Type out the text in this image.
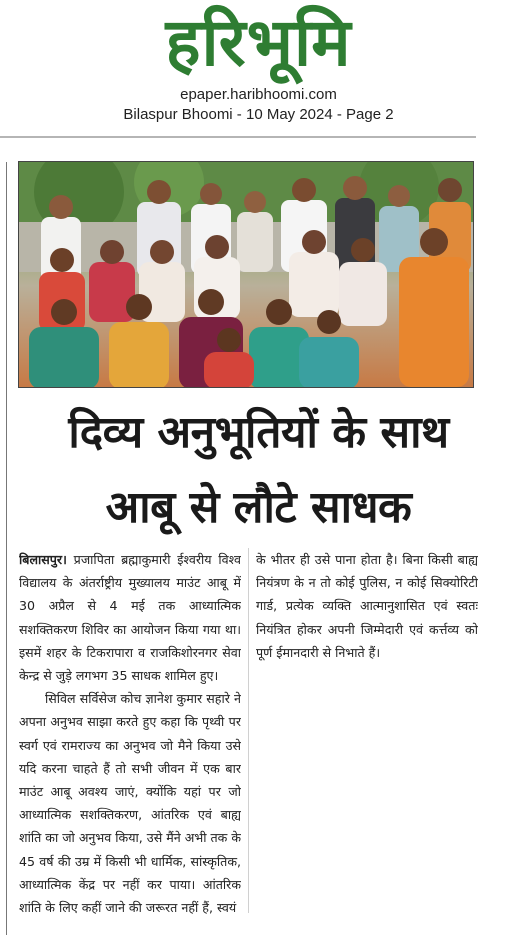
हरिभूमि
epaper.haribhoomi.com
Bilaspur Bhoomi - 10 May 2024 - Page 2
दिव्य अनुभूतियों के साथ
आबू से लौटे साधक

बिलासपुर। प्रजापिता ब्रह्माकुमारी ईश्वरीय विश्व विद्यालय के अंतर्राष्ट्रीय मुख्यालय माउंट आबू में 30 अप्रैल से 4 मई तक आध्यात्मिक सशक्तिकरण शिविर का आयोजन किया गया था। इसमें शहर के टिकरापारा व राजकिशोरनगर सेवा केन्द्र से जुड़े लगभग 35 साधक शामिल हुए।

सिविल सर्विसेज कोच ज्ञानेश कुमार सहारे ने अपना अनुभव साझा करते हुए कहा कि पृथ्वी पर स्वर्ग एवं रामराज्य का अनुभव जो मैने किया उसे यदि करना चाहते हैं तो सभी जीवन में एक बार माउंट आबू अवश्य जाएं, क्योंकि यहां पर जो आध्यात्मिक सशक्तिकरण, आंतरिक एवं बाह्य शांति का जो अनुभव किया, उसे मैंने अभी तक के 45 वर्ष की उम्र में किसी भी धार्मिक, सांस्कृतिक, आध्यात्मिक केंद्र पर नहीं कर पाया। आंतरिक शांति के लिए कहीं जाने की जरूरत नहीं हैं, स्वयं

के भीतर ही उसे पाना होता है। बिना किसी बाह्य नियंत्रण के न तो कोई पुलिस, न कोई सिक्योरिटी गार्ड, प्रत्येक व्यक्ति आत्मानुशासित एवं स्वतः नियंत्रित होकर अपनी जिम्मेदारी एवं कर्त्तव्य को पूर्ण ईमानदारी से निभाते हैं।
